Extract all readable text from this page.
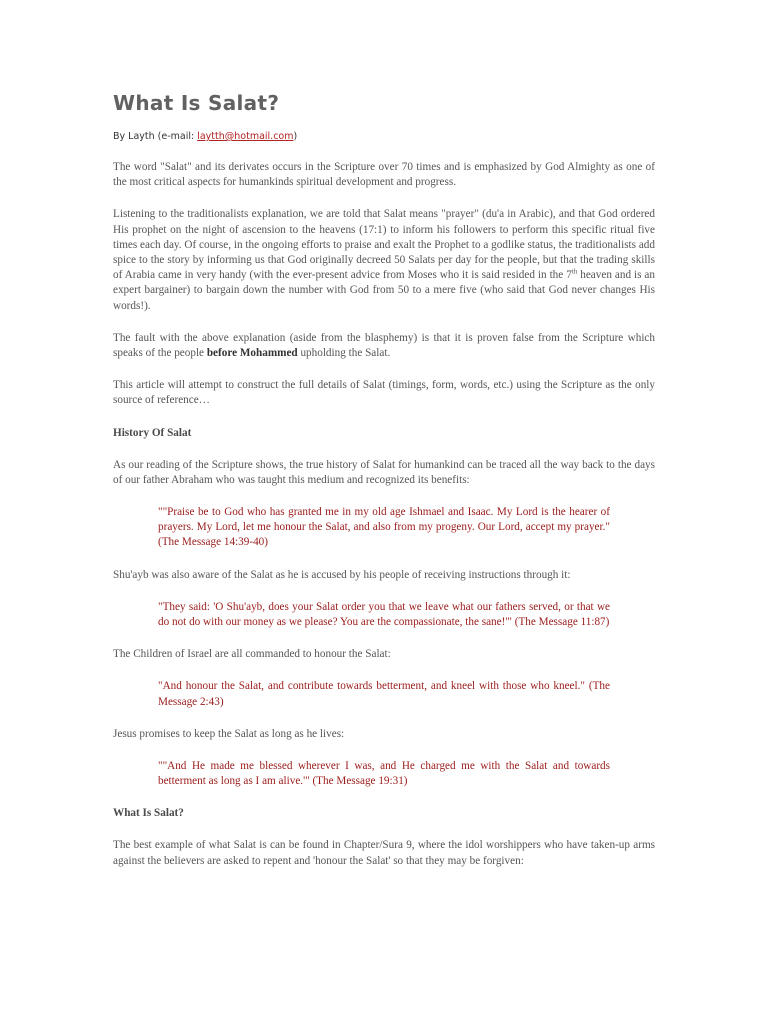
What Is Salat?
By Layth (e-mail: laytth@hotmail.com)

The word "Salat" and its derivates occurs in the Scripture over 70 times and is emphasized by God Almighty as one of the most critical aspects for humankinds spiritual development and progress.

Listening to the traditionalists explanation, we are told that Salat means "prayer" (du'a in Arabic), and that God ordered His prophet on the night of ascension to the heavens (17:1) to inform his followers to perform this specific ritual five times each day. Of course, in the ongoing efforts to praise and exalt the Prophet to a godlike status, the traditionalists add spice to the story by informing us that God originally decreed 50 Salats per day for the people, but that the trading skills of Arabia came in very handy (with the ever-present advice from Moses who it is said resided in the 7th heaven and is an expert bargainer) to bargain down the number with God from 50 to a mere five (who said that God never changes His words!).

The fault with the above explanation (aside from the blasphemy) is that it is proven false from the Scripture which speaks of the people before Mohammed upholding the Salat.

This article will attempt to construct the full details of Salat (timings, form, words, etc.) using the Scripture as the only source of reference…

History Of Salat

As our reading of the Scripture shows, the true history of Salat for humankind can be traced all the way back to the days of our father Abraham who was taught this medium and recognized its benefits:

""Praise be to God who has granted me in my old age Ishmael and Isaac. My Lord is the hearer of prayers. My Lord, let me honour the Salat, and also from my progeny. Our Lord, accept my prayer." (The Message 14:39-40)

Shu'ayb was also aware of the Salat as he is accused by his people of receiving instructions through it:

"They said: 'O Shu'ayb, does your Salat order you that we leave what our fathers served, or that we do not do with our money as we please? You are the compassionate, the sane!'" (The Message 11:87)

The Children of Israel are all commanded to honour the Salat:

"And honour the Salat, and contribute towards betterment, and kneel with those who kneel." (The Message 2:43)

Jesus promises to keep the Salat as long as he lives:

""And He made me blessed wherever I was, and He charged me with the Salat and towards betterment as long as I am alive.'" (The Message 19:31)

What Is Salat?

The best example of what Salat is can be found in Chapter/Sura 9, where the idol worshippers who have taken-up arms against the believers are asked to repent and 'honour the Salat' so that they may be forgiven:
